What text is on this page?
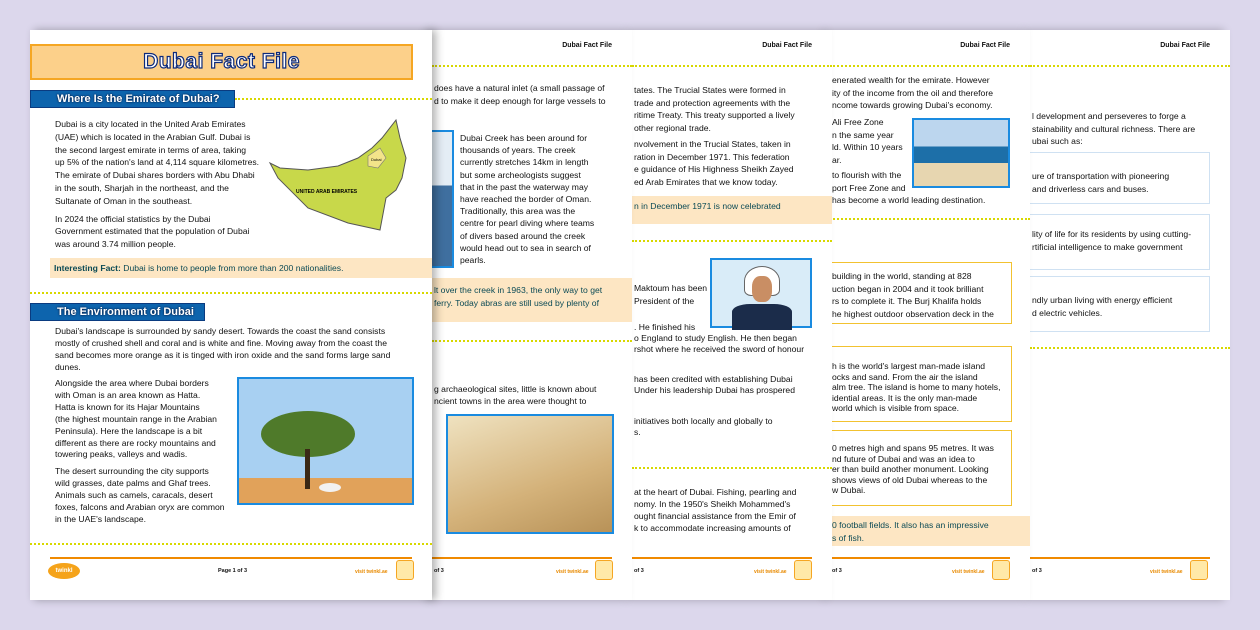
Dubai Fact File
l development and perseveres to forge a
stainability and cultural richness. There are
ubai such as:
ure of transportation with pioneering
and driverless cars and buses.
lity of life for its residents by using cutting-
rtificial intelligence to make government
ndly urban living with energy efficient
d electric vehicles.
of 3	visit twinkl.ae
Dubai Fact File
enerated wealth for the emirate. However
ity of the income from the oil and therefore
ncome towards growing Dubai's economy.
Ali Free Zone
n the same year
ld. Within 10 years
ar.
to flourish with the
port Free Zone and
has become a world leading destination.
building in the world, standing at 828
uction began in 2004 and it took brilliant
rs to complete it. The Burj Khalifa holds
he highest outdoor observation deck in the
h is the world's largest man-made island
ocks and sand. From the air the island
alm tree. The island is home to many hotels,
idential areas. It is the only man-made
world which is visible from space.
0 metres high and spans 95 metres. It was
nd future of Dubai and was an idea to
er than build another monument. Looking
shows views of old Dubai whereas to the
w Dubai.
0 football fields. It also has an impressive
s of fish.
of 3	visit twinkl.ae
Dubai Fact File
tates. The Trucial States were formed in
trade and protection agreements with the
ritime Treaty. This treaty supported a lively
other regional trade.
nvolvement in the Trucial States, taken in
ration in December 1971. This federation
e guidance of His Highness Sheikh Zayed
ed Arab Emirates that we know today.
n in December 1971 is now celebrated
Maktoum has been
President of the
. He finished his
o England to study English. He then began
rshot where he received the sword of honour
has been credited with establishing Dubai
Under his leadership Dubai has prospered
initiatives both locally and globally to
s.
at the heart of Dubai. Fishing, pearling and
nomy. In the 1950's Sheikh Mohammed's
ought financial assistance from the Emir of
k to accommodate increasing amounts of
of 3	visit twinkl.ae
Dubai Fact File
does have a natural inlet (a small passage of
d to make it deep enough for large vessels to
Dubai Creek has been around for
thousands of years. The creek
currently stretches 14km in length
but some archeologists suggest
that in the past the waterway may
have reached the border of Oman.
Traditionally, this area was the
centre for pearl diving where teams
of divers based around the creek
would head out to sea in search of
pearls.
lt over the creek in 1963, the only way to get
ferry. Today abras are still used by plenty of
g archaeological sites, little is known about
ncient towns in the area were thought to
of 3	visit twinkl.ae
Dubai Fact File
Where Is the Emirate of Dubai?
Dubai is a city located in the United Arab Emirates
(UAE) which is located in the Arabian Gulf. Dubai is
the second largest emirate in terms of area, taking
up 5% of the nation's land at 4,114 square kilometres.
The emirate of Dubai shares borders with Abu Dhabi
in the south, Sharjah in the northeast, and the
Sultanate of Oman in the southeast.
In 2024 the official statistics by the Dubai
Government estimated that the population of Dubai
was around 3.74 million people.
Dubai
UNITED ARAB EMIRATES
Interesting Fact: Dubai is home to people from more than 200 nationalities.
The Environment of Dubai
Dubai's landscape is surrounded by sandy desert. Towards the coast the sand consists
mostly of crushed shell and coral and is white and fine. Moving away from the coast the
sand becomes more orange as it is tinged with iron oxide and the sand forms large sand
dunes.
Alongside the area where Dubai borders
with Oman is an area known as Hatta.
Hatta is known for its Hajar Mountains
(the highest mountain range in the Arabian
Peninsula). Here the landscape is a bit
different as there are rocky mountains and
towering peaks, valleys and wadis.
The desert surrounding the city supports
wild grasses, date palms and Ghaf trees.
Animals such as camels, caracals, desert
foxes, falcons and Arabian oryx are common
in the UAE's landscape.
twinkl	Page 1 of 3	visit twinkl.ae
